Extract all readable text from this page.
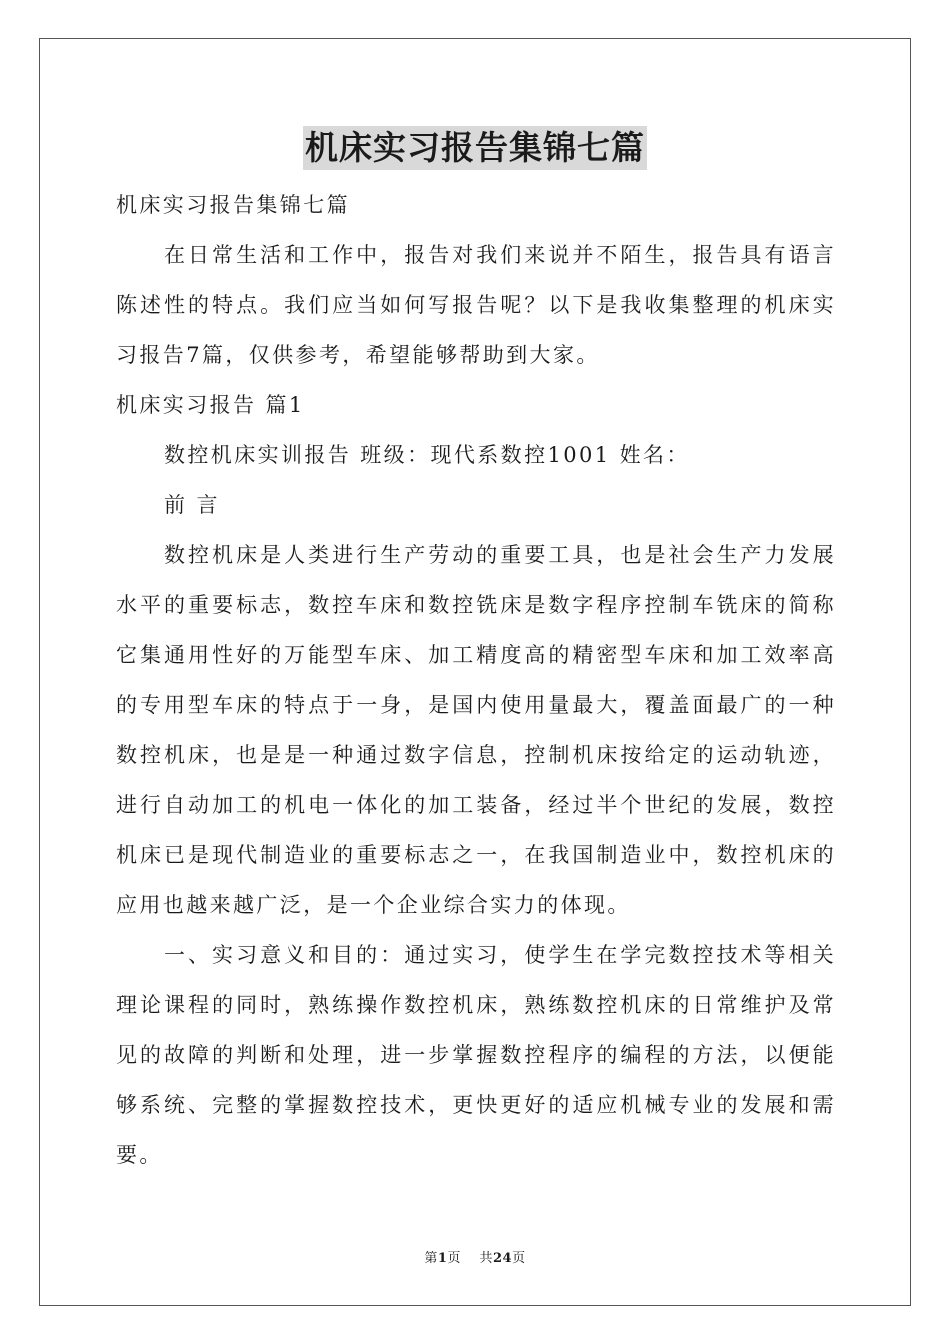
机床实习报告集锦七篇
机床实习报告集锦七篇

在日常生活和工作中，报告对我们来说并不陌生，报告具有语言陈述性的特点。我们应当如何写报告呢？以下是我收集整理的机床实习报告7篇，仅供参考，希望能够帮助到大家。

机床实习报告 篇1
数控机床实训报告 班级：现代系数控1001 姓名：
前 言

数控机床是人类进行生产劳动的重要工具，也是社会生产力发展水平的重要标志，数控车床和数控铣床是数字程序控制车铣床的简称它集通用性好的万能型车床、加工精度高的精密型车床和加工效率高的专用型车床的特点于一身，是国内使用量最大，覆盖面最广的一种数控机床，也是是一种通过数字信息，控制机床按给定的运动轨迹，进行自动加工的机电一体化的加工装备，经过半个世纪的发展，数控机床已是现代制造业的重要标志之一，在我国制造业中，数控机床的应用也越来越广泛，是一个企业综合实力的体现。

一、实习意义和目的：通过实习，使学生在学完数控技术等相关理论课程的同时，熟练操作数控机床，熟练数控机床的日常维护及常见的故障的判断和处理，进一步掌握数控程序的编程的方法，以便能够系统、完整的掌握数控技术，更快更好的适应机械专业的发展和需要。

第1页 共24页
